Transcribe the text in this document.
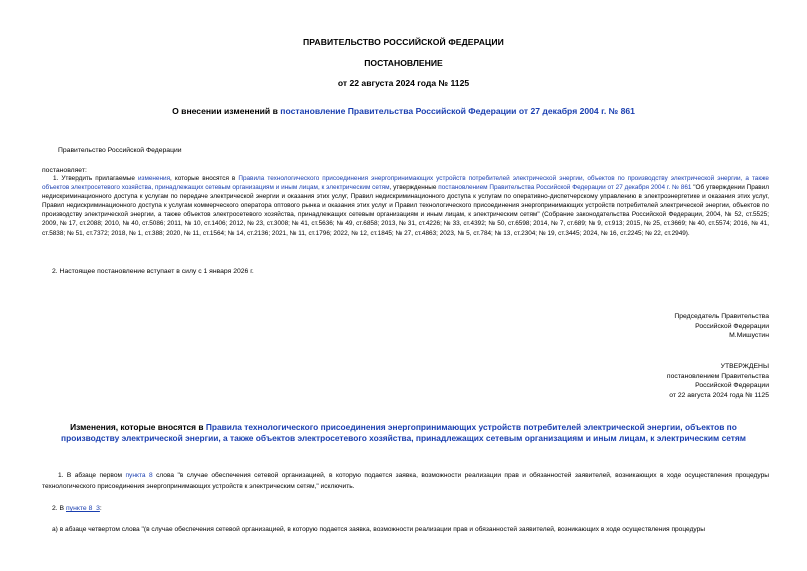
ПРАВИТЕЛЬСТВО РОССИЙСКОЙ ФЕДЕРАЦИИ
ПОСТАНОВЛЕНИЕ
от 22 августа 2024 года № 1125
О внесении изменений в постановление Правительства Российской Федерации от 27 декабря 2004 г. № 861
Правительство Российской Федерации
постановляет:
1. Утвердить прилагаемые изменения, которые вносятся в Правила технологического присоединения энергопринимающих устройств потребителей электрической энергии, объектов по производству электрической энергии, а также объектов электросетевого хозяйства, принадлежащих сетевым организациям и иным лицам, к электрическим сетям, утвержденные постановлением Правительства Российской Федерации от 27 декабря 2004 г. № 861 "Об утверждении Правил недискриминационного доступа к услугам по передаче электрической энергии и оказания этих услуг, Правил недискриминационного доступа к услугам по оперативно-диспетчерскому управлению в электроэнергетике и оказания этих услуг, Правил недискриминационного доступа к услугам коммерческого оператора оптового рынка и оказания этих услуг и Правил технологического присоединения энергопринимающих устройств потребителей электрической энергии, объектов по производству электрической энергии, а также объектов электросетевого хозяйства, принадлежащих сетевым организациям и иным лицам, к электрическим сетям" (Собрание законодательства Российской Федерации, 2004, № 52, ст.5525; 2009, № 17, ст.2088; 2010, № 40, ст.5086; 2011, № 10, ст.1406; 2012, № 23, ст.3008; № 41, ст.5636; № 49, ст.6858; 2013, № 31, ст.4226; № 33, ст.4392; № 50, ст.6598; 2014, № 7, ст.689; № 9, ст.913; 2015, № 25, ст.3669; № 40, ст.5574; 2016, № 41, ст.5838; № 51, ст.7372; 2018, № 1, ст.388; 2020, № 11, ст.1564; № 14, ст.2136; 2021, № 11, ст.1796; 2022, № 12, ст.1845; № 27, ст.4863; 2023, № 5, ст.784; № 13, ст.2304; № 19, ст.3445; 2024, № 16, ст.2245; № 22, ст.2949).
2. Настоящее постановление вступает в силу с 1 января 2026 г.
Председатель Правительства
Российской Федерации
М.Мишустин
УТВЕРЖДЕНЫ
постановлением Правительства
Российской Федерации
от 22 августа 2024 года № 1125
Изменения, которые вносятся в Правила технологического присоединения энергопринимающих устройств потребителей электрической энергии, объектов по производству электрической энергии, а также объектов электросетевого хозяйства, принадлежащих сетевым организациям и иным лицам, к электрическим сетям
1. В абзаце первом пункта 8 слова "в случае обеспечения сетевой организацией, в которую подается заявка, возможности реализации прав и обязанностей заявителей, возникающих в ходе осуществления процедуры технологического присоединения энергопринимающих устройств к электрическим сетям," исключить.
2. В пункте 8_3:
а) в абзаце четвертом слова "(в случае обеспечения сетевой организацией, в которую подается заявка, возможности реализации прав и обязанностей заявителей, возникающих в ходе осуществления процедуры
